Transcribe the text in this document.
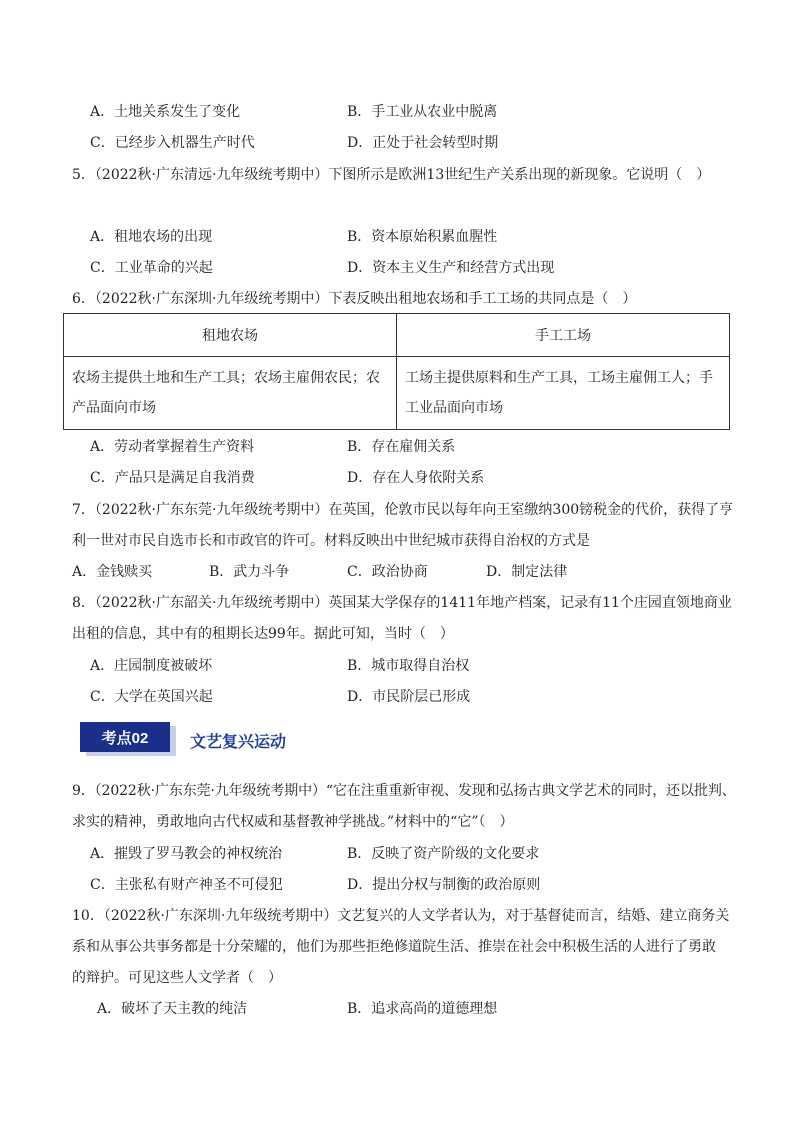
A．土地关系发生了变化	B．手工业从农业中脱离
C．已经步入机器生产时代	D．正处于社会转型时期
5．（2022秋·广东清远·九年级统考期中）下图所示是欧洲13世纪生产关系出现的新现象。它说明（　）
A．租地农场的出现	B．资本原始积累血腥性
C．工业革命的兴起	D．资本主义生产和经营方式出现
6．（2022秋·广东深圳·九年级统考期中）下表反映出租地农场和手工工场的共同点是（　）
租地农场	手工工场
农场主提供土地和生产工具；农场主雇佣农民；农产品面向市场	工场主提供原料和生产工具，工场主雇佣工人；手工业品面向市场
A．劳动者掌握着生产资料	B．存在雇佣关系
C．产品只是满足自我消费	D．存在人身依附关系
7．（2022秋·广东东莞·九年级统考期中）在英国，伦敦市民以每年向王室缴纳300镑税金的代价，获得了亨
利一世对市民自选市长和市政官的许可。材料反映出中世纪城市获得自治权的方式是
A．金钱赎买	B．武力斗争	C．政治协商	D．制定法律
8．（2022秋·广东韶关·九年级统考期中）英国某大学保存的1411年地产档案，记录有11个庄园直领地商业
出租的信息，其中有的租期长达99年。据此可知，当时（　）
A．庄园制度被破坏	B．城市取得自治权
C．大学在英国兴起	D．市民阶层已形成
考点02	文艺复兴运动
9．（2022秋·广东东莞·九年级统考期中）“它在注重重新审视、发现和弘扬古典文学艺术的同时，还以批判、
求实的精神，勇敢地向古代权威和基督教神学挑战。”材料中的“它”（　）
A．摧毁了罗马教会的神权统治	B．反映了资产阶级的文化要求
C．主张私有财产神圣不可侵犯	D．提出分权与制衡的政治原则
10．（2022秋·广东深圳·九年级统考期中）文艺复兴的人文学者认为，对于基督徒而言，结婚、建立商务关
系和从事公共事务都是十分荣耀的，他们为那些拒绝修道院生活、推崇在社会中积极生活的人进行了勇敢
的辩护。可见这些人文学者（　）
A．破坏了天主教的纯洁	B．追求高尚的道德理想
